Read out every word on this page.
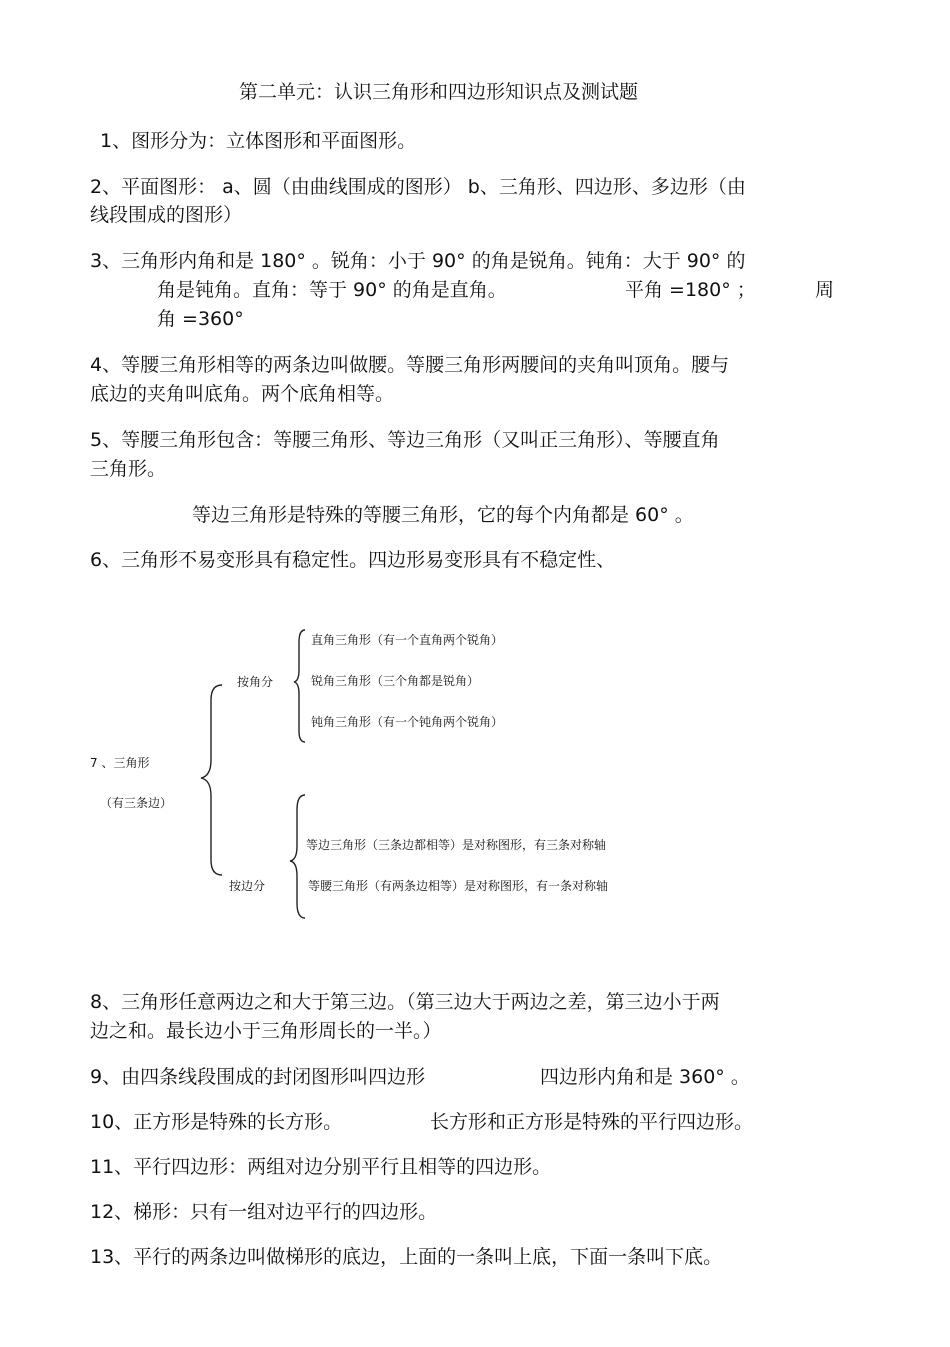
第二单元：认识三角形和四边形知识点及测试题
1、图形分为：立体图形和平面图形。
2、平面图形： a、圆（由曲线围成的图形） b、三角形、四边形、多边形（由
线段围成的图形）
3、三角形内角和是 180° 。锐角：小于 90° 的角是锐角。钝角：大于 90° 的
角是钝角。直角：等于 90° 的角是直角。	平角 =180° ；	周
角 =360°
4、等腰三角形相等的两条边叫做腰。等腰三角形两腰间的夹角叫顶角。腰与
底边的夹角叫底角。两个底角相等。
5、等腰三角形包含：等腰三角形、等边三角形（又叫正三角形）、等腰直角
三角形。
等边三角形是特殊的等腰三角形，它的每个内角都是 60° 。
6、三角形不易变形具有稳定性。四边形易变形具有不稳定性、
7 、三角形
（有三条边）
按角分
按边分
直角三角形（有一个直角两个锐角）
锐角三角形（三个角都是锐角）
钝角三角形（有一个钝角两个锐角）
等边三角形（三条边都相等）是对称图形，有三条对称轴
等腰三角形（有两条边相等）是对称图形，有一条对称轴
8、三角形任意两边之和大于第三边。（第三边大于两边之差，第三边小于两
边之和。最长边小于三角形周长的一半。）
9、由四条线段围成的封闭图形叫四边形	四边形内角和是 360° 。
10、正方形是特殊的长方形。	长方形和正方形是特殊的平行四边形。
11、平行四边形：两组对边分别平行且相等的四边形。
12、梯形：只有一组对边平行的四边形。
13、平行的两条边叫做梯形的底边，上面的一条叫上底，下面一条叫下底。
